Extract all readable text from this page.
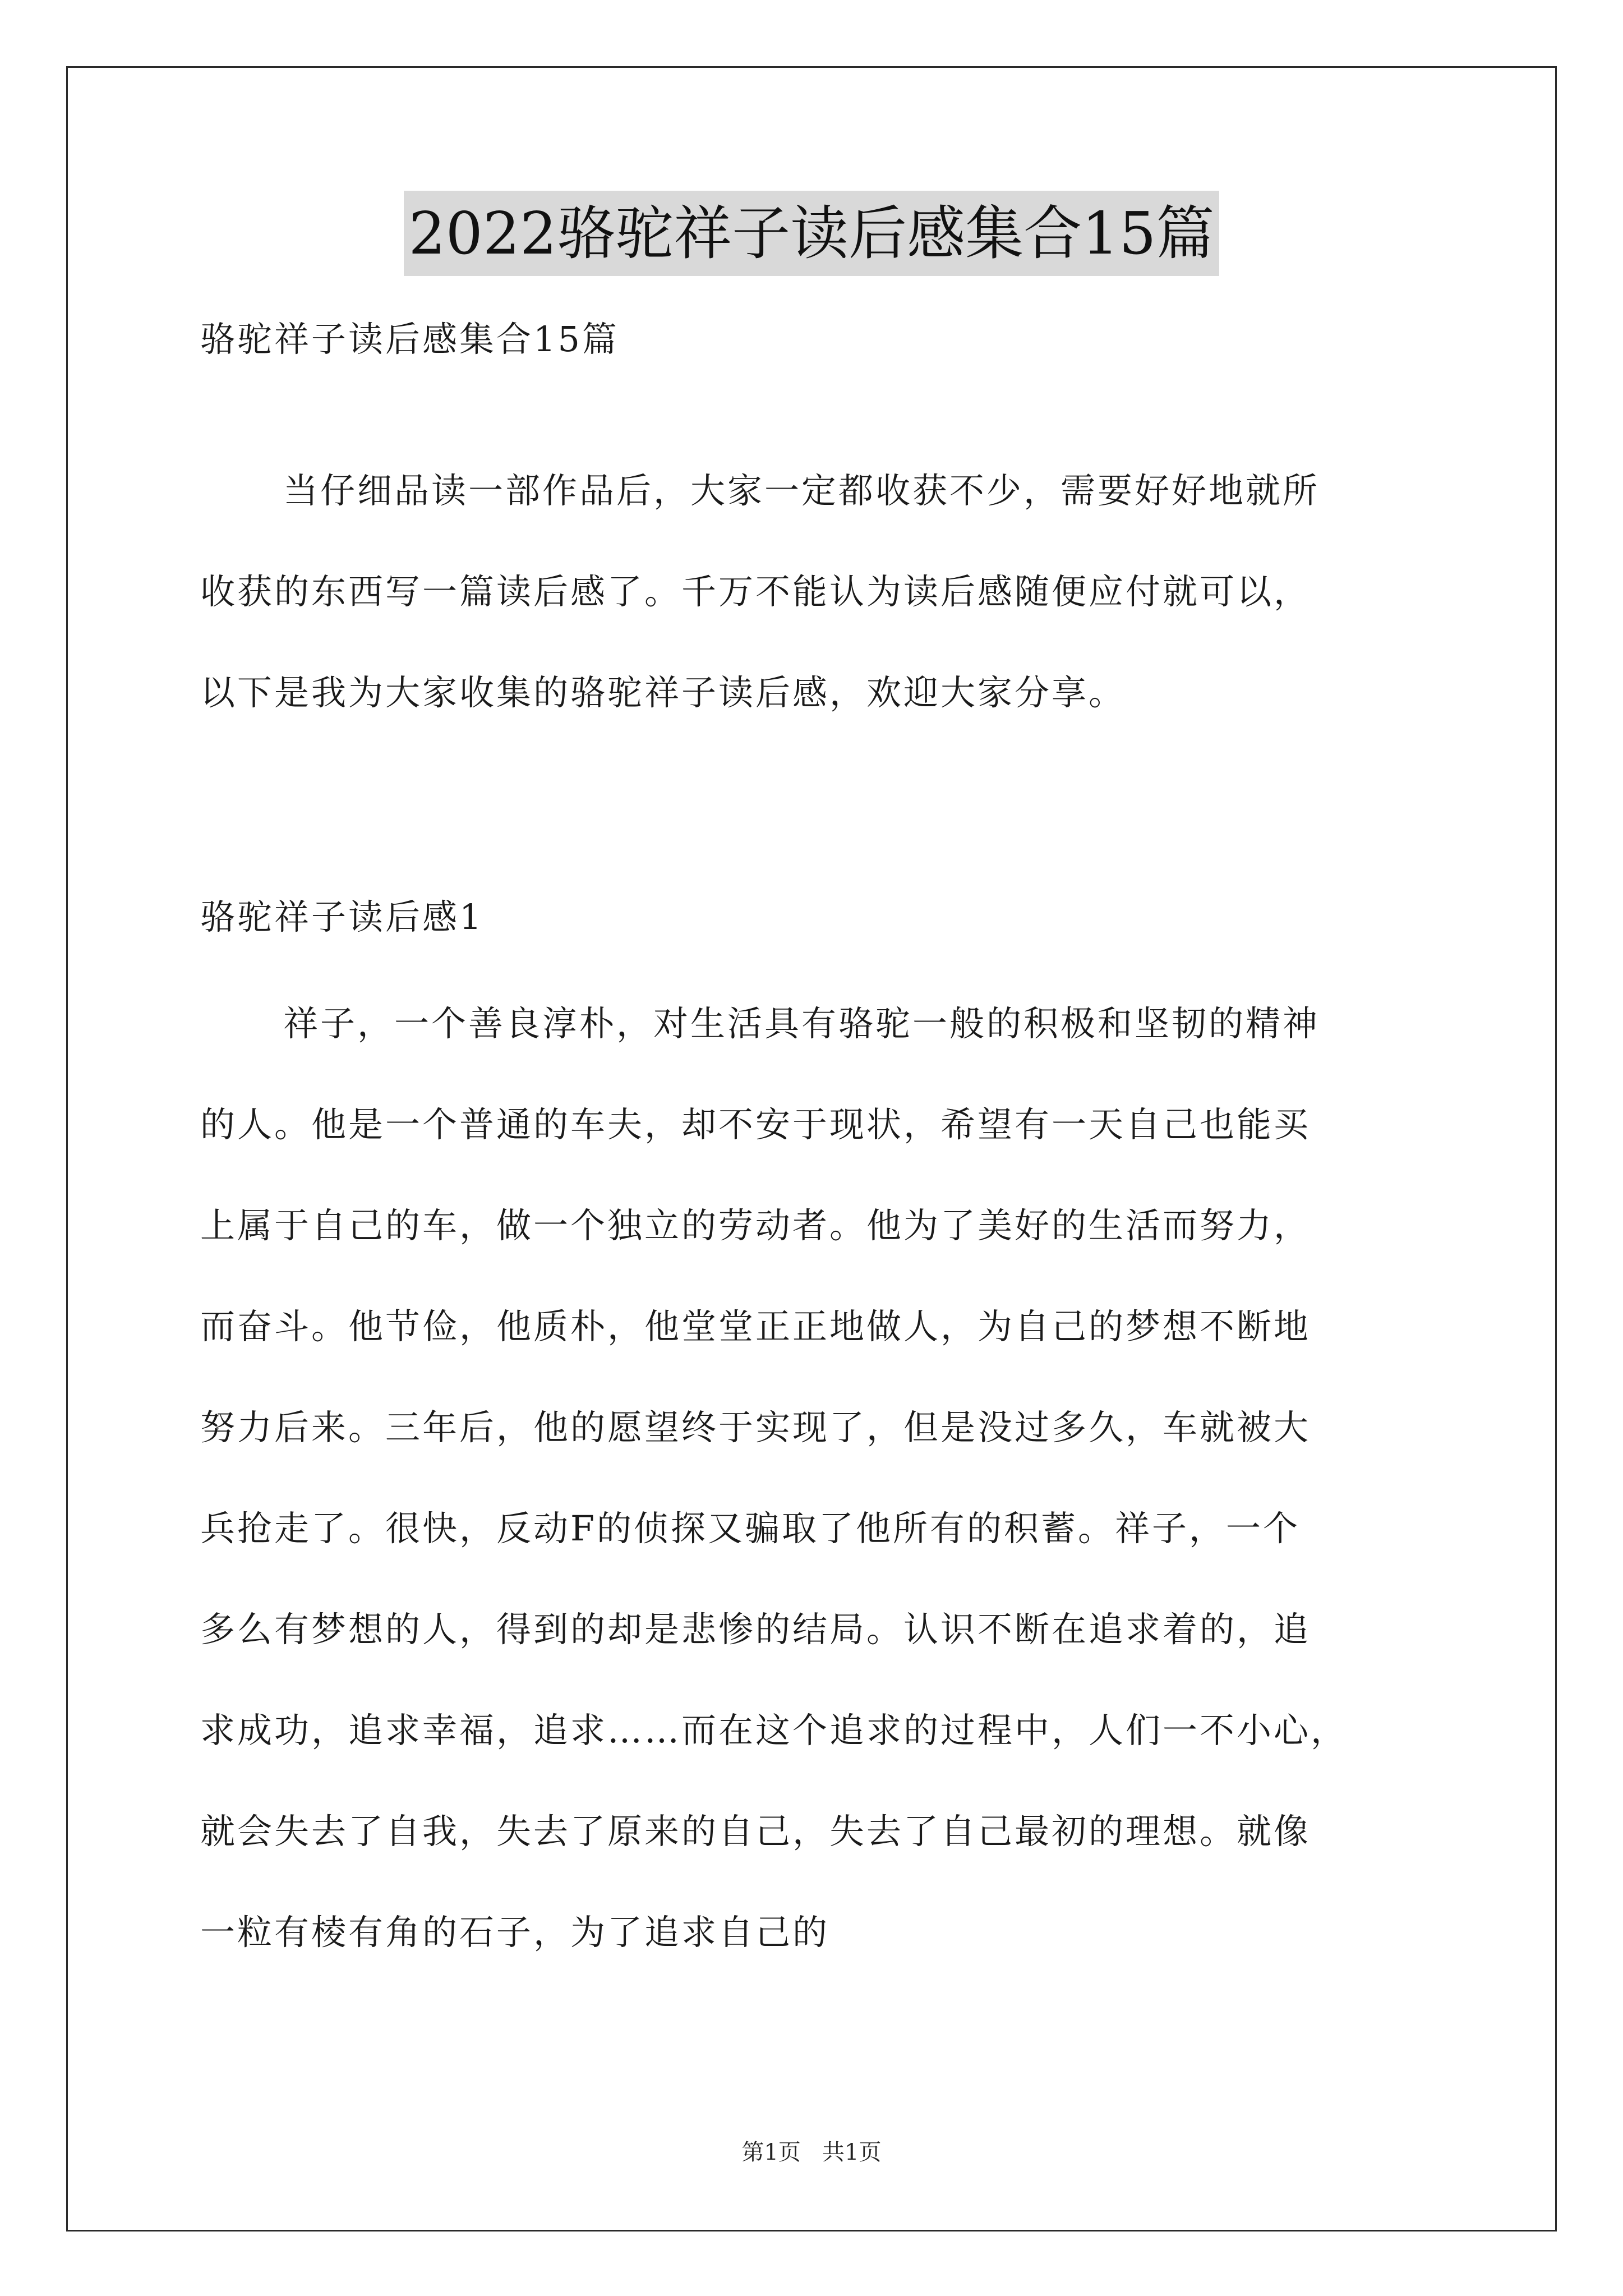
2022骆驼祥子读后感集合15篇
骆驼祥子读后感集合15篇
当仔细品读一部作品后，大家一定都收获不少，需要好好地就所
收获的东西写一篇读后感了。千万不能认为读后感随便应付就可以，
以下是我为大家收集的骆驼祥子读后感，欢迎大家分享。
骆驼祥子读后感1
祥子，一个善良淳朴，对生活具有骆驼一般的积极和坚韧的精神
的人。他是一个普通的车夫，却不安于现状，希望有一天自己也能买
上属于自己的车，做一个独立的劳动者。他为了美好的生活而努力，
而奋斗。他节俭，他质朴，他堂堂正正地做人，为自己的梦想不断地
努力后来。三年后，他的愿望终于实现了，但是没过多久，车就被大
兵抢走了。很快，反动F的侦探又骗取了他所有的积蓄。祥子，一个
多么有梦想的人，得到的却是悲惨的结局。认识不断在追求着的，追
求成功，追求幸福，追求……而在这个追求的过程中，人们一不小心，
就会失去了自我，失去了原来的自己，失去了自己最初的理想。就像
一粒有棱有角的石子，为了追求自己的
第1页   共1页
